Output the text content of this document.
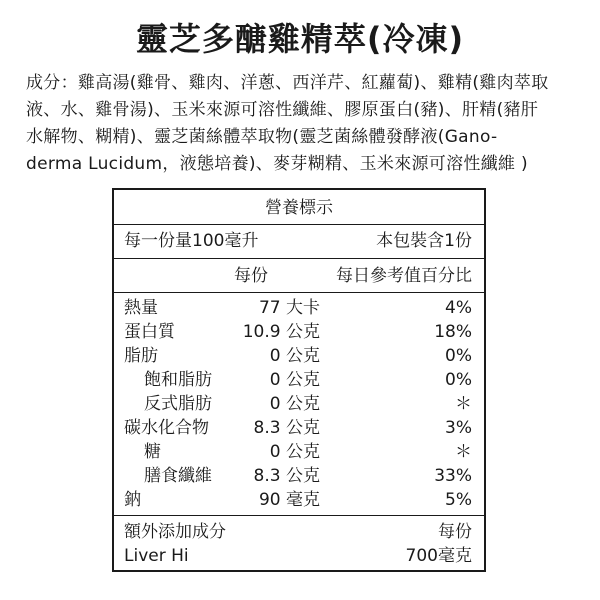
靈芝多醣雞精萃(冷凍)
成分：雞高湯(雞骨、雞肉、洋蔥、西洋芹、紅蘿蔔)、雞精(雞肉萃取
液、水、雞骨湯)、玉米來源可溶性纖維、膠原蛋白(豬)、肝精(豬肝
水解物、糊精)、靈芝菌絲體萃取物(靈芝菌絲體發酵液(Gano-
derma Lucidum，液態培養)、麥芽糊精、玉米來源可溶性纖維 )
營養標示
每一份量100毫升	本包裝含1份
每份	每日參考值百分比
熱量	77 大卡	4%
蛋白質	10.9 公克	18%
脂肪	0 公克	0%
飽和脂肪	0 公克	0%
反式脂肪	0 公克	＊
碳水化合物	8.3 公克	3%
糖	0 公克	＊
膳食纖維 8.3 公克	33%
鈉	90 毫克	5%
額外添加成分	每份
Liver Hi	700毫克
